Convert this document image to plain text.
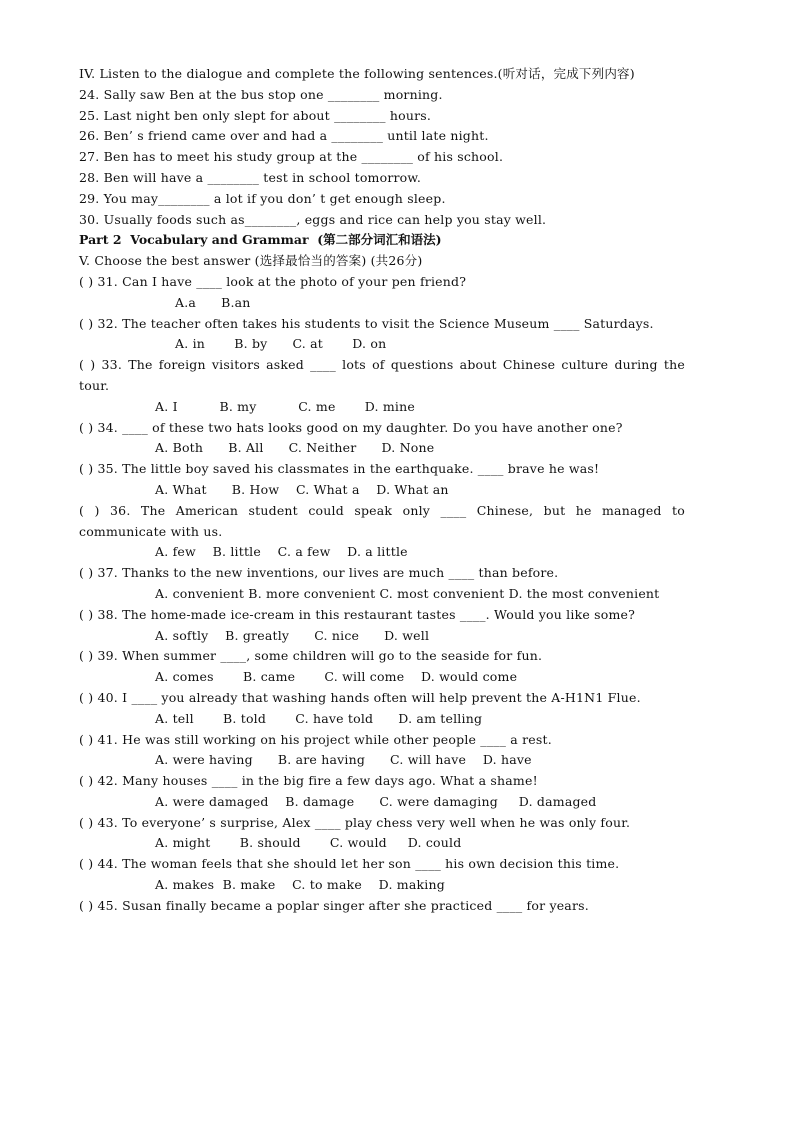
IV. Listen to the dialogue and complete the following sentences.(听对话，完成下列内容)
24. Sally saw Ben at the bus stop one ________ morning.
25. Last night ben only slept for about ________ hours.
26. Ben’ s friend came over and had a ________ until late night.
27. Ben has to meet his study group at the ________ of his school.
28. Ben will have a ________ test in school tomorrow.
29. You may________ a lot if you don’ t get enough sleep.
30. Usually foods such as________, eggs and rice can help you stay well.
Part 2  Vocabulary and Grammar  (第二部分词汇和语法)
V. Choose the best answer (选择最恰当的答案) (共26分)
( ) 31. Can I have ____ look at the photo of your pen friend?
A.a      B.an
( ) 32. The teacher often takes his students to visit the Science Museum ____ Saturdays.
A. in       B. by      C. at       D. on
( ) 33. The foreign visitors asked ____ lots of questions about Chinese culture during the tour.
A. I          B. my          C. me       D. mine
( ) 34. ____ of these two hats looks good on my daughter. Do you have another one?
A. Both      B. All      C. Neither      D. None
( ) 35. The little boy saved his classmates in the earthquake. ____ brave he was!
A. What      B. How    C. What a    D. What an
( ) 36. The American student could speak only ____ Chinese, but he managed to communicate with us.
A. few    B. little    C. a few    D. a little
( ) 37. Thanks to the new inventions, our lives are much ____ than before.
A. convenient B. more convenient C. most convenient D. the most convenient
( ) 38. The home-made ice-cream in this restaurant tastes ____. Would you like some?
A. softly    B. greatly      C. nice      D. well
( ) 39. When summer ____, some children will go to the seaside for fun.
A. comes       B. came       C. will come    D. would come
( ) 40. I ____ you already that washing hands often will help prevent the A-H1N1 Flue.
A. tell       B. told       C. have told      D. am telling
( ) 41. He was still working on his project while other people ____ a rest.
A. were having      B. are having      C. will have    D. have
( ) 42. Many houses ____ in the big fire a few days ago. What a shame!
A. were damaged    B. damage      C. were damaging     D. damaged
( ) 43. To everyone’ s surprise, Alex ____ play chess very well when he was only four.
A. might       B. should       C. would     D. could
( ) 44. The woman feels that she should let her son ____ his own decision this time.
A. makes  B. make    C. to make    D. making
( ) 45. Susan finally became a poplar singer after she practiced ____ for years.
